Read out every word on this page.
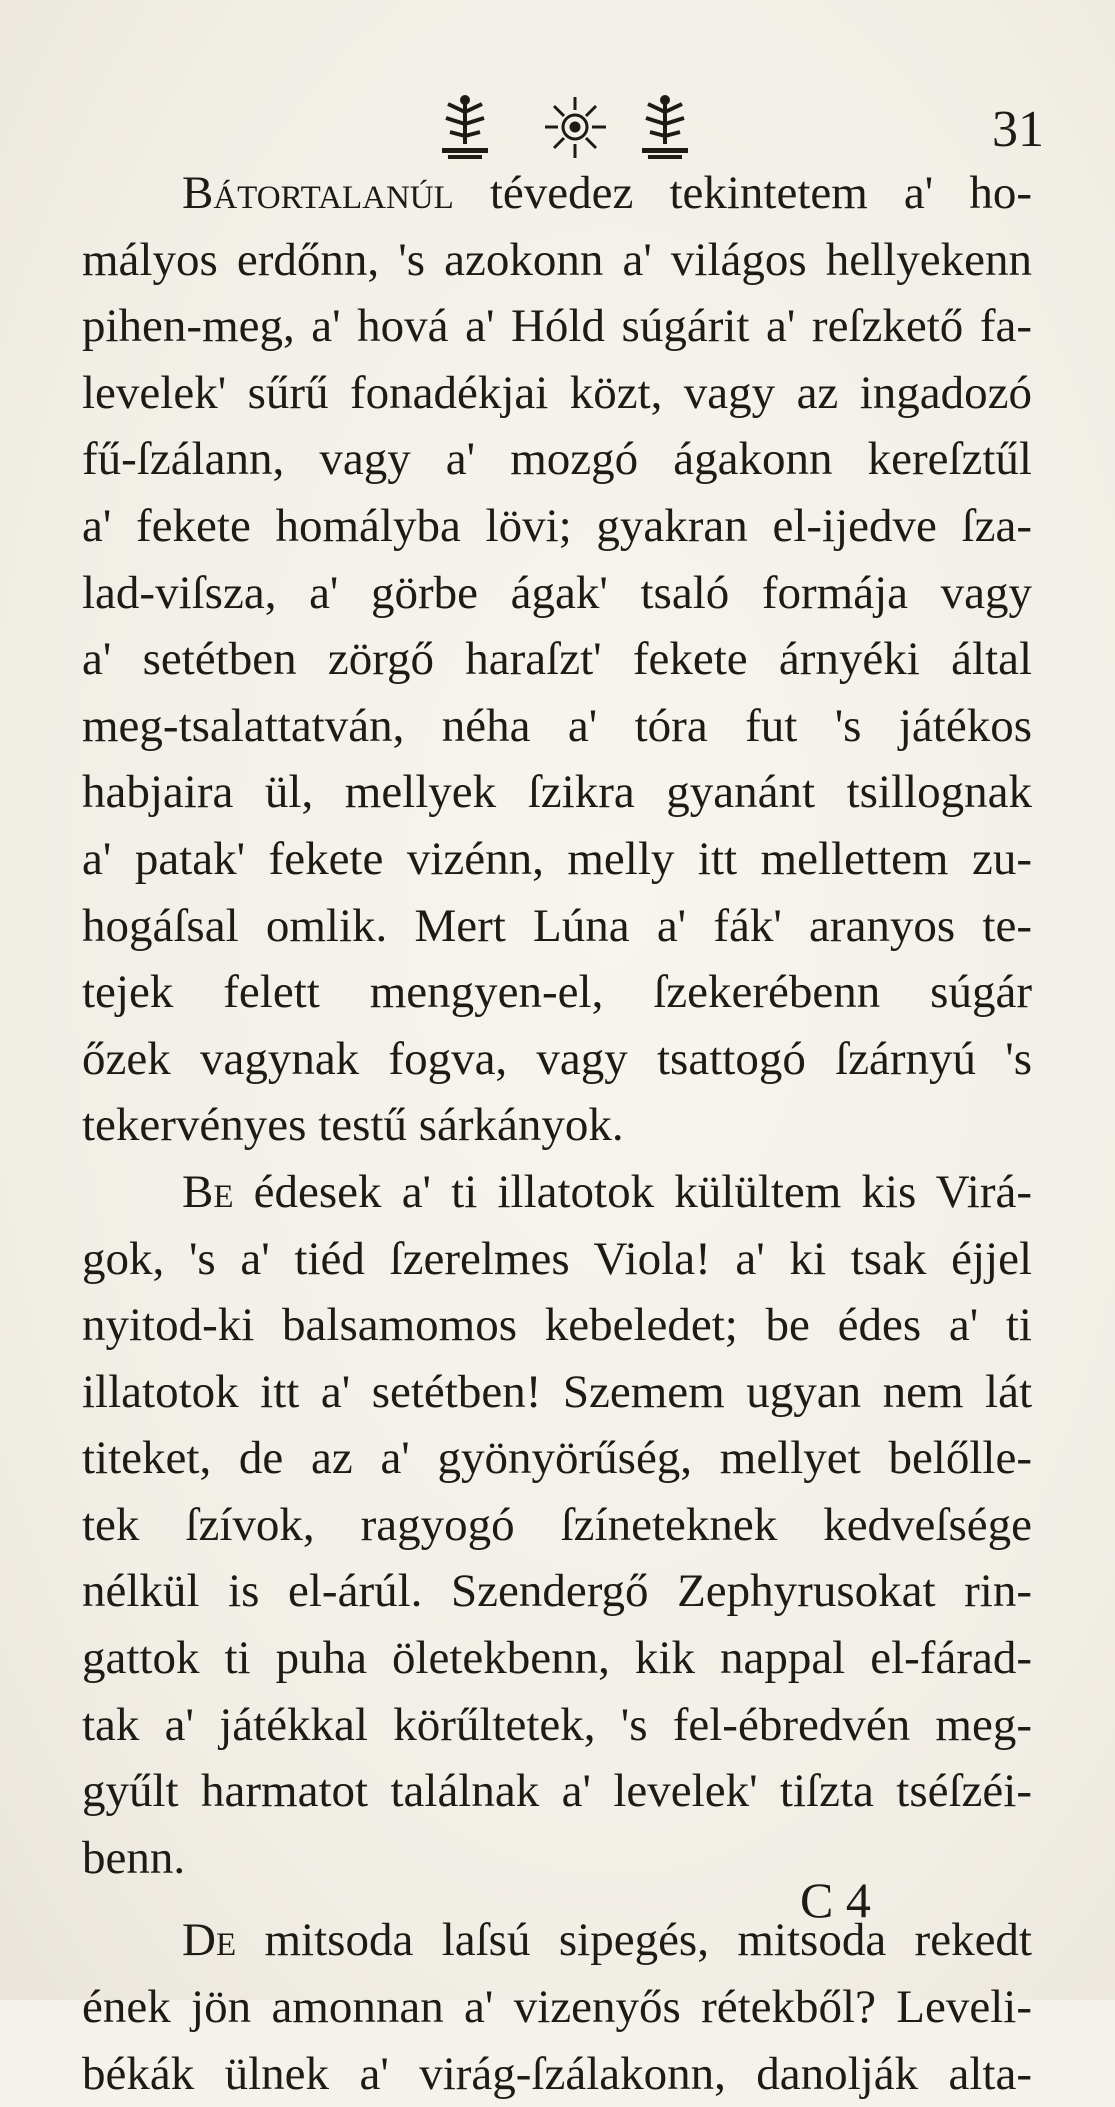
31
Bátortalanúl tévedez tekintetem a' ho-
mályos erdőnn, 's azokonn a' világos hellyekenn
pihen-meg, a' hová a' Hóld súgárit a' reſzkető fa-
levelek' sűrű fonadékjai közt, vagy az ingadozó
fű-ſzálann, vagy a' mozgó ágakonn kereſztűl
a' fekete homályba lövi; gyakran el-ijedve ſza-
lad-viſsza, a' görbe ágak' tsaló formája vagy
a' setétben zörgő haraſzt' fekete árnyéki által
meg-tsalattatván, néha a' tóra fut 's játékos
habjaira ül, mellyek ſzikra gyanánt tsillognak
a' patak' fekete vizénn, melly itt mellettem zu-
hogáſsal omlik. Mert Lúna a' fák' aranyos te-
tejek felett mengyen-el, ſzekerébenn súgár
őzek vagynak fogva, vagy tsattogó ſzárnyú 's
tekervényes testű sárkányok.
Be édesek a' ti illatotok külültem kis Virá-
gok, 's a' tiéd ſzerelmes Viola! a' ki tsak éjjel
nyitod-ki balsamomos kebeledet; be édes a' ti
illatotok itt a' setétben! Szemem ugyan nem lát
titeket, de az a' gyönyörűség, mellyet belőlle-
tek ſzívok, ragyogó ſzíneteknek kedveſsége
nélkül is el-árúl. Szendergő Zephyrusokat rin-
gattok ti puha öletekbenn, kik nappal el-fárad-
tak a' játékkal körűltetek, 's fel-ébredvén meg-
gyűlt harmatot találnak a' levelek' tiſzta tséſzéi-
benn.
De mitsoda laſsú sipegés, mitsoda rekedt
ének jön amonnan a' vizenyős rétekből? Leveli-
békák ülnek a' virág-ſzálakonn, danolják alta-
C 4
